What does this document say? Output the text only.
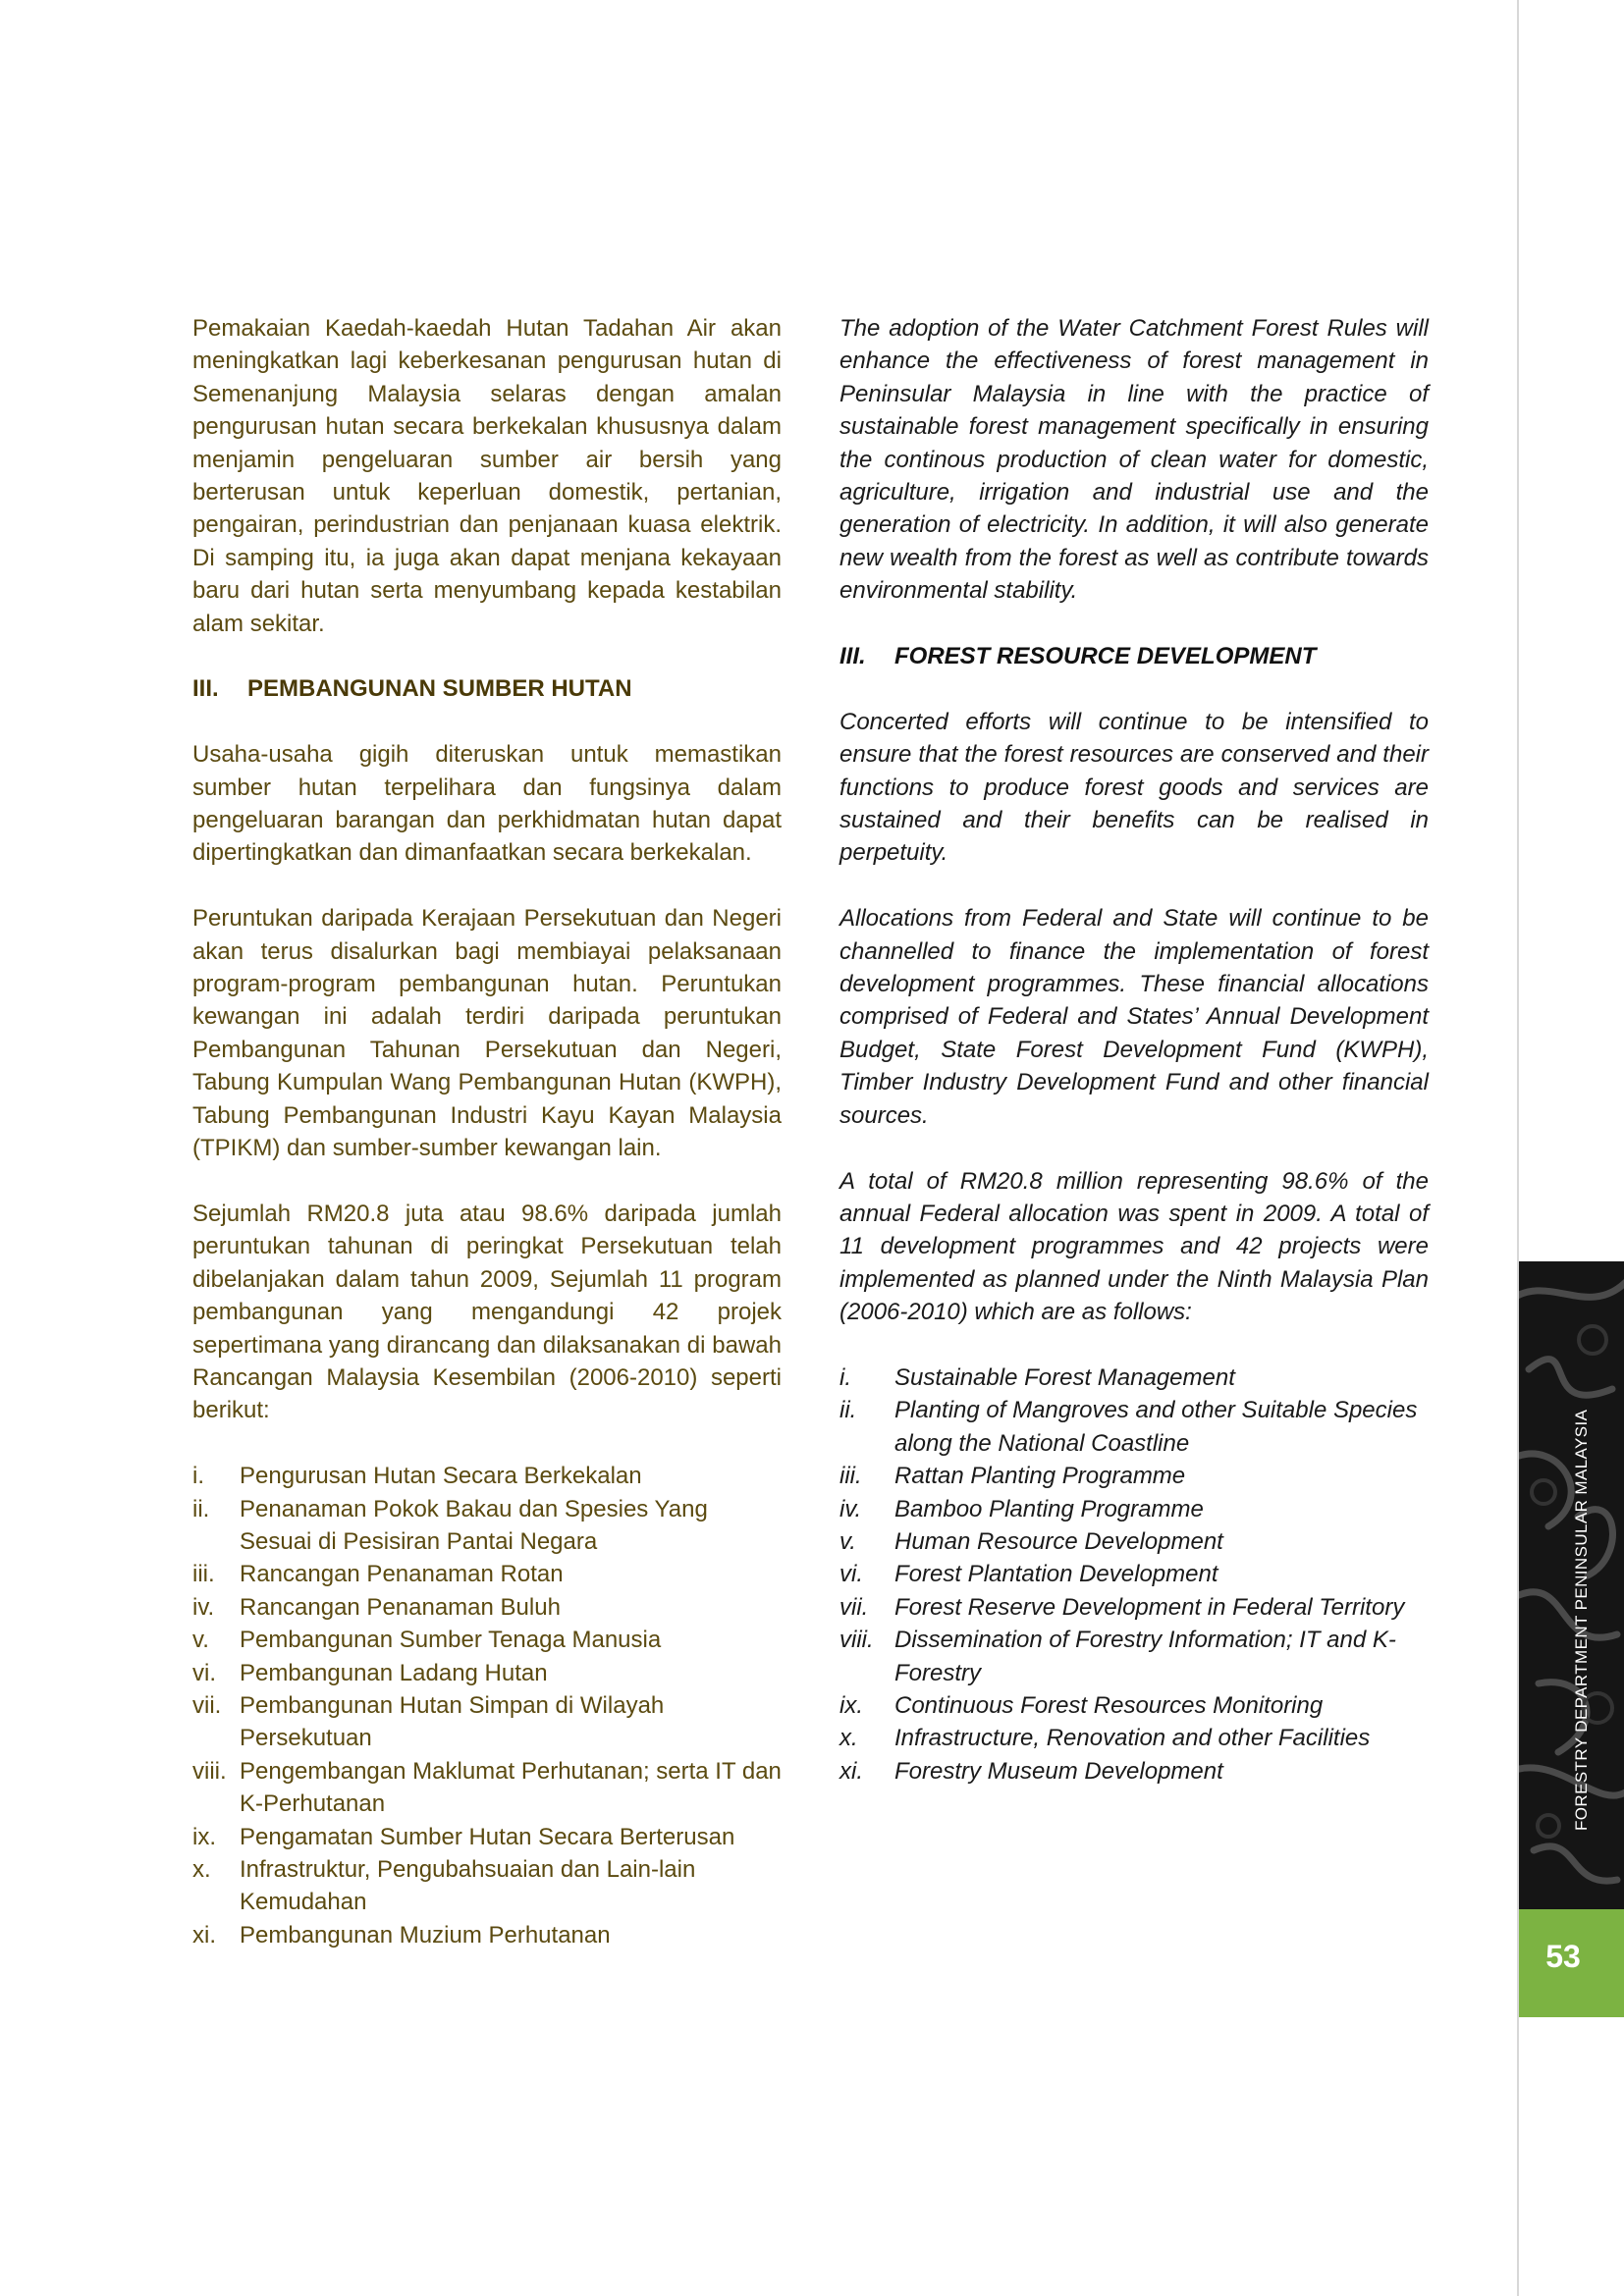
Pemakaian Kaedah-kaedah Hutan Tadahan Air akan meningkatkan lagi keberkesanan pengurusan hutan di Semenanjung Malaysia selaras dengan amalan pengurusan hutan secara berkekalan khususnya dalam menjamin pengeluaran sumber air bersih yang berterusan untuk keperluan domestik, pertanian, pengairan, perindustrian dan penjanaan kuasa elektrik. Di samping itu, ia juga akan dapat menjana kekayaan baru dari hutan serta menyumbang kepada kestabilan alam sekitar.

III. PEMBANGUNAN SUMBER HUTAN

Usaha-usaha gigih diteruskan untuk memastikan sumber hutan terpelihara dan fungsinya dalam pengeluaran barangan dan perkhidmatan hutan dapat dipertingkatkan dan dimanfaatkan secara berkekalan.

Peruntukan daripada Kerajaan Persekutuan dan Negeri akan terus disalurkan bagi membiayai pelaksanaan program-program pembangunan hutan. Peruntukan kewangan ini adalah terdiri daripada peruntukan Pembangunan Tahunan Persekutuan dan Negeri, Tabung Kumpulan Wang Pembangunan Hutan (KWPH), Tabung Pembangunan Industri Kayu Kayan Malaysia (TPIKM) dan sumber-sumber kewangan lain.

Sejumlah RM20.8 juta atau 98.6% daripada jumlah peruntukan tahunan di peringkat Persekutuan telah dibelanjakan dalam tahun 2009, Sejumlah 11 program pembangunan yang mengandungi 42 projek sepertimana yang dirancang dan dilaksanakan di bawah Rancangan Malaysia Kesembilan (2006-2010) seperti berikut:

i.	Pengurusan Hutan Secara Berkekalan
ii.	Penanaman Pokok Bakau dan Spesies Yang Sesuai di Pesisiran Pantai Negara
iii.	Rancangan Penanaman Rotan
iv.	Rancangan Penanaman Buluh
v.	Pembangunan Sumber Tenaga Manusia
vi.	Pembangunan Ladang Hutan
vii. Pembangunan Hutan Simpan di Wilayah Persekutuan
viii. Pengembangan Maklumat Perhutanan; serta IT dan K-Perhutanan
ix.	Pengamatan Sumber Hutan Secara Berterusan
x.	Infrastruktur, Pengubahsuaian dan Lain-lain Kemudahan
xi.	Pembangunan Muzium Perhutanan

The adoption of the Water Catchment Forest Rules will enhance the effectiveness of forest management in Peninsular Malaysia in line with the practice of sustainable forest management specifically in ensuring the continous production of clean water for domestic, agriculture, irrigation and industrial use and the generation of electricity. In addition, it will also generate new wealth from the forest as well as contribute towards environmental stability.

III. FOREST RESOURCE DEVELOPMENT

Concerted efforts will continue to be intensified to ensure that the forest resources are conserved and their functions to produce forest goods and services are sustained and their benefits can be realised in perpetuity.

Allocations from Federal and State will continue to be channelled to finance the implementation of forest development programmes. These financial allocations comprised of Federal and States’ Annual Development Budget, State Forest Development Fund (KWPH), Timber Industry Development Fund and other financial sources.

A total of RM20.8 million representing 98.6% of the annual Federal allocation was spent in 2009. A total of 11 development programmes and 42 projects were implemented as planned under the Ninth Malaysia Plan (2006-2010) which are as follows:

i.	Sustainable Forest Management
ii.	Planting of Mangroves and other Suitable Species along the National Coastline
iii.	Rattan Planting Programme
iv.	Bamboo Planting Programme
v.	Human Resource Development
vi.	Forest Plantation Development
vii.	Forest Reserve Development in Federal Territory
viii. Dissemination of Forestry Information; IT and K-Forestry
ix.	Continuous Forest Resources Monitoring
x.	Infrastructure, Renovation and other Facilities
xi.	Forestry Museum Development	FORESTRY DEPARTMENT PENINSULAR MALAYSIA
53
